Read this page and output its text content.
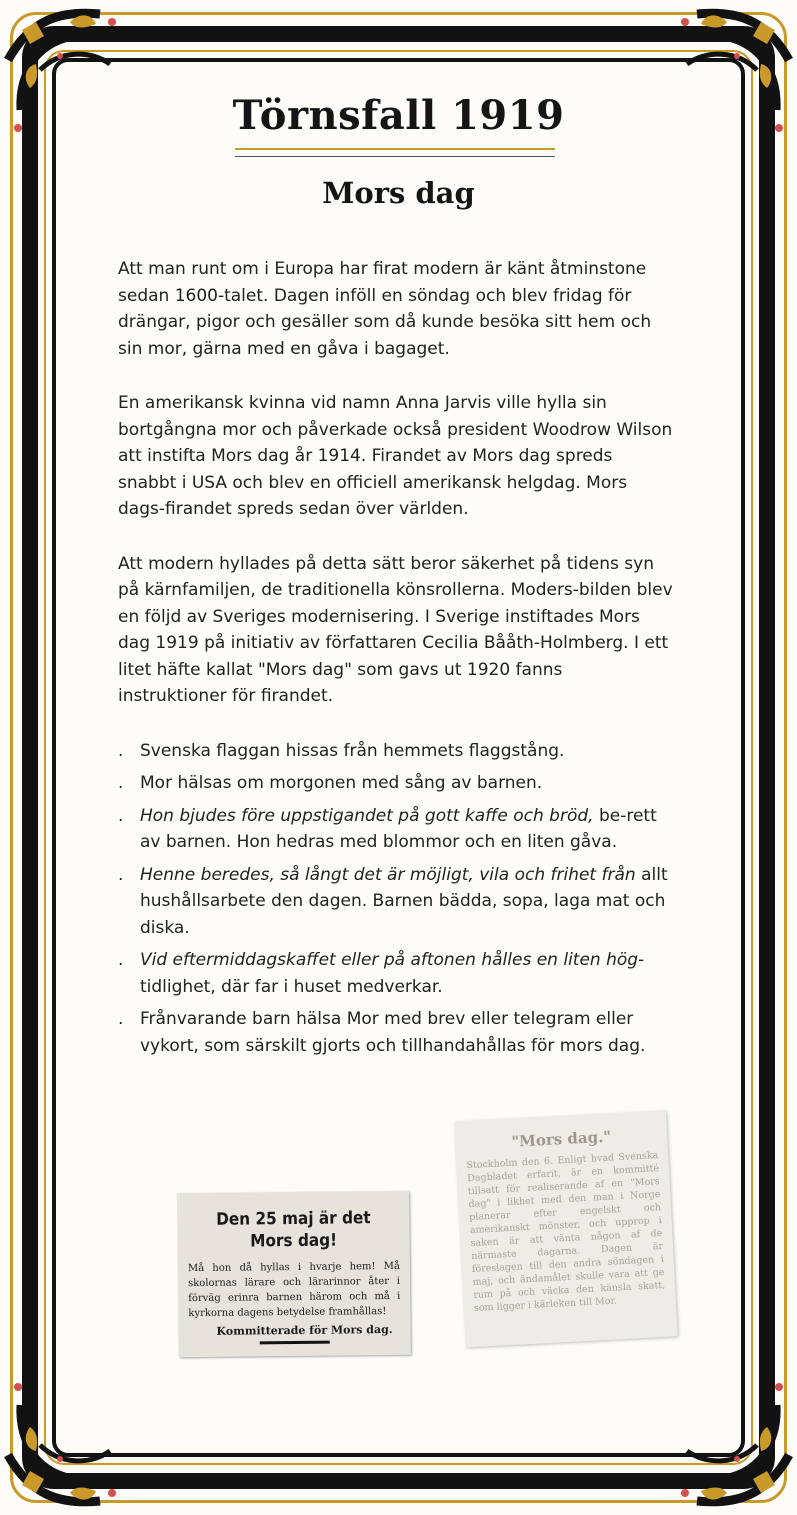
Törnsfall 1919
Mors dag

Att man runt om i Europa har firat modern är känt åtminstone sedan 1600-talet. Dagen inföll en söndag och blev fridag för drängar, pigor och gesäller som då kunde besöka sitt hem och sin mor, gärna med en gåva i bagaget.

En amerikansk kvinna vid namn Anna Jarvis ville hylla sin bortgångna mor och påverkade också president Woodrow Wilson att instifta Mors dag år 1914. Firandet av Mors dag spreds snabbt i USA och blev en officiell amerikansk helgdag. Mors dags-firandet spreds sedan över världen.

Att modern hyllades på detta sätt beror säkerhet på tidens syn på kärnfamiljen, de traditionella könsrollerna. Moders-bilden blev en följd av Sveriges modernisering. I Sverige instiftades Mors dag 1919 på initiativ av författaren Cecilia Bååth-Holmberg. I ett litet häfte kallat "Mors dag" som gavs ut 1920 fanns instruktioner för firandet.

. Svenska flaggan hissas från hemmets flaggstång.
. Mor hälsas om morgonen med sång av barnen.
. Hon bjudes före uppstigandet på gott kaffe och bröd, be-rett av barnen. Hon hedras med blommor och en liten gåva.
. Henne beredes, så långt det är möjligt, vila och frihet från allt hushållsarbete den dagen. Barnen bädda, sopa, laga mat och diska.
. Vid eftermiddagskaffet eller på aftonen hålles en liten hög-tidlighet, där far i huset medverkar.
. Frånvarande barn hälsa Mor med brev eller telegram eller vykort, som särskilt gjorts och tillhandahållas för mors dag.
Den 25 maj är det
Mors dag!
Må hon då hyllas i hvarje hem! Må skolornas lärare och lärarinnor åter i förväg erinra barnen härom och må i kyrkorna dagens betydelse framhållas!
Kommitterade för Mors dag.
"Mors dag."
Stockholm den 6. Enligt hvad Svenska Dagbladet erfarit, är en kommitté tillsatt för realiserande af en "Mors dag" i likhet med den man i Norge planerar efter engelskt och amerikanskt mönster, och upprop i saken är att vänta någon af de närmaste dagarna. Dagen är föreslagen till den andra söndagen i maj, och ändamålet skulle vara att ge rum på och väcka den känsla skatt, som ligger i kärleken till Mor.
